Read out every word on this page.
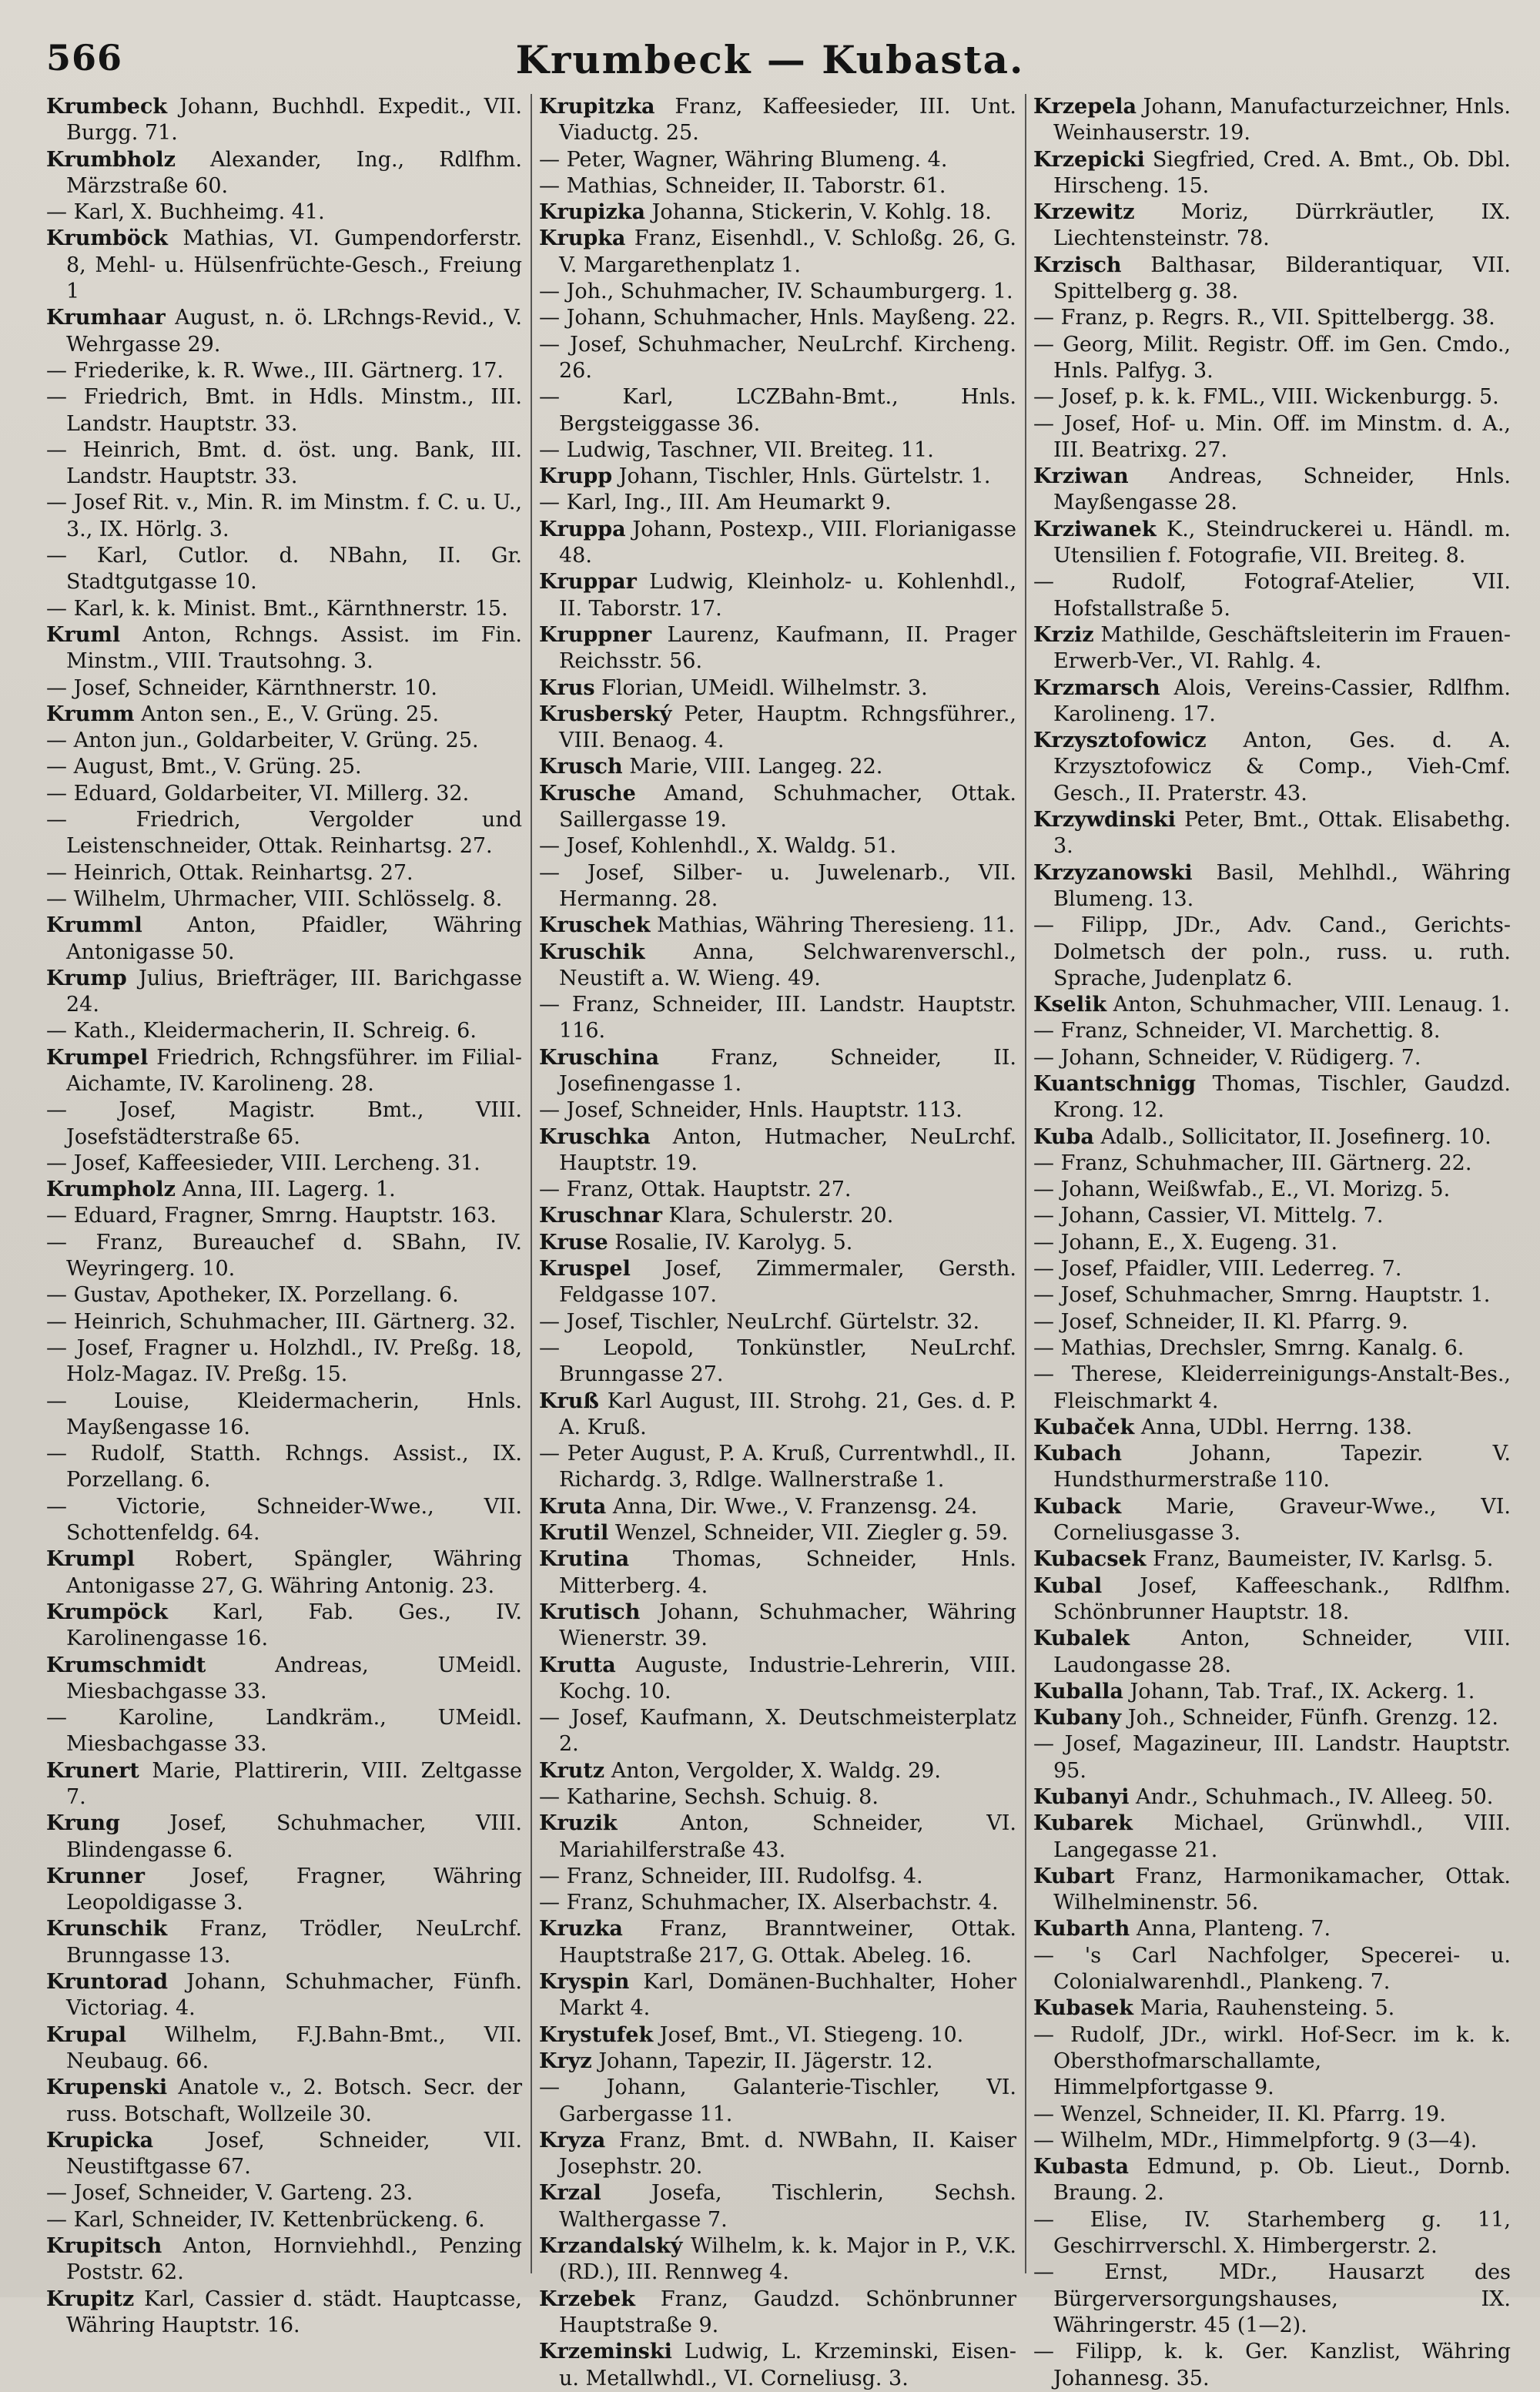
566	Krumbeck — Kubasta.

Krumbeck Johann, Buchhdl. Expedit., VII. Burgg. 71.

Krumbholz Alexander, Ing., Rdlfhm. Märzstraße 60.

— Karl, X. Buchheimg. 41.

Krumböck Mathias, VI. Gumpendorferstr. 8, Mehl- u. Hülsenfrüchte-Gesch., Freiung 1

Krumhaar August, n. ö. LRchngs-Revid., V. Wehrgasse 29.

— Friederike, k. R. Wwe., III. Gärtnerg. 17.

— Friedrich, Bmt. in Hdls. Minstm., III. Landstr. Hauptstr. 33.

— Heinrich, Bmt. d. öst. ung. Bank, III. Landstr. Hauptstr. 33.

— Josef Rit. v., Min. R. im Minstm. f. C. u. U., 3., IX. Hörlg. 3.

— Karl, Cutlor. d. NBahn, II. Gr. Stadtgutgasse 10.

— Karl, k. k. Minist. Bmt., Kärnthnerstr. 15.

Kruml Anton, Rchngs. Assist. im Fin. Minstm., VIII. Trautsohng. 3.

— Josef, Schneider, Kärnthnerstr. 10.

Krumm Anton sen., E., V. Grüng. 25.

— Anton jun., Goldarbeiter, V. Grüng. 25.

— August, Bmt., V. Grüng. 25.

— Eduard, Goldarbeiter, VI. Millerg. 32.

— Friedrich, Vergolder und Leistenschneider, Ottak. Reinhartsg. 27.

— Heinrich, Ottak. Reinhartsg. 27.

— Wilhelm, Uhrmacher, VIII. Schlösselg. 8.

Krumml Anton, Pfaidler, Währing Antonigasse 50.

Krump Julius, Briefträger, III. Barichgasse 24.

— Kath., Kleidermacherin, II. Schreig. 6.

Krumpel Friedrich, Rchngsführer. im Filial-Aichamte, IV. Karolineng. 28.

— Josef, Magistr. Bmt., VIII. Josefstädterstraße 65.

— Josef, Kaffeesieder, VIII. Lercheng. 31.

Krumpholz Anna, III. Lagerg. 1.

— Eduard, Fragner, Smrng. Hauptstr. 163.

— Franz, Bureauchef d. SBahn, IV. Weyringerg. 10.

— Gustav, Apotheker, IX. Porzellang. 6.

— Heinrich, Schuhmacher, III. Gärtnerg. 32.

— Josef, Fragner u. Holzhdl., IV. Preßg. 18, Holz-Magaz. IV. Preßg. 15.

— Louise, Kleidermacherin, Hnls. Mayßengasse 16.

— Rudolf, Statth. Rchngs. Assist., IX. Porzellang. 6.

— Victorie, Schneider-Wwe., VII. Schottenfeldg. 64.

Krumpl Robert, Spängler, Währing Antonigasse 27, G. Währing Antonig. 23.

Krumpöck Karl, Fab. Ges., IV. Karolinengasse 16.

Krumschmidt	Andreas, UMeidl. Miesbachgasse 33.

— Karoline, Landkräm., UMeidl. Miesbachgasse 33.

Krunert Marie, Plattirerin, VIII. Zeltgasse 7.

Krung Josef, Schuhmacher, VIII. Blindengasse 6.

Krunner Josef, Fragner, Währing Leopoldigasse 3.

Krunschik Franz, Trödler, NeuLrchf. Brunngasse 13.

Kruntorad Johann, Schuhmacher, Fünfh. Victoriag. 4.

Krupal Wilhelm, F.J.Bahn-Bmt., VII. Neubaug. 66.

Krupenski Anatole v., 2. Botsch. Secr. der russ. Botschaft, Wollzeile 30.

Krupicka	Josef, Schneider, VII. Neustiftgasse 67.

— Josef, Schneider, V. Garteng. 23.

— Karl, Schneider, IV. Kettenbrückeng. 6.

Krupitsch Anton, Hornviehhdl., Penzing Poststr. 62.

Krupitz Karl, Cassier d. städt. Hauptcasse, Währing Hauptstr. 16.

Krupitzka Franz, Kaffeesieder, III. Unt. Viaductg. 25.

— Peter, Wagner, Währing Blumeng. 4.

— Mathias, Schneider, II. Taborstr. 61.

Krupizka Johanna, Stickerin, V. Kohlg. 18.

Krupka Franz, Eisenhdl., V. Schloßg. 26, G. V. Margarethenplatz 1.

— Joh., Schuhmacher, IV. Schaumburgerg. 1.

— Johann, Schuhmacher, Hnls. Mayßeng. 22.

— Josef, Schuhmacher, NeuLrchf. Kircheng. 26.

— Karl, LCZBahn-Bmt., Hnls. Bergsteiggasse 36.

— Ludwig, Taschner, VII. Breiteg. 11.

Krupp Johann, Tischler, Hnls. Gürtelstr. 1.

— Karl, Ing., III. Am Heumarkt 9.

Kruppa Johann, Postexp., VIII. Florianigasse 48.

Kruppar Ludwig, Kleinholz- u. Kohlenhdl., II. Taborstr. 17.

Kruppner Laurenz, Kaufmann, II. Prager Reichsstr. 56.

Krus Florian, UMeidl. Wilhelmstr. 3.

Krusberský Peter, Hauptm. Rchngsführer., VIII. Benaog. 4.

Krusch Marie, VIII. Langeg. 22.

Krusche Amand, Schuhmacher, Ottak. Saillergasse 19.

— Josef, Kohlenhdl., X. Waldg. 51.

— Josef, Silber- u. Juwelenarb., VII. Hermanng. 28.

Kruschek Mathias, Währing Theresieng. 11.

Kruschik Anna, Selchwarenverschl., Neustift a. W. Wieng. 49.

— Franz, Schneider, III. Landstr. Hauptstr. 116.

Kruschina Franz, Schneider, II. Josefinengasse 1.

— Josef, Schneider, Hnls. Hauptstr. 113.

Kruschka Anton, Hutmacher, NeuLrchf. Hauptstr. 19.

— Franz, Ottak. Hauptstr. 27.

Kruschnar Klara, Schulerstr. 20.

Kruse Rosalie, IV. Karolyg. 5.

Kruspel Josef, Zimmermaler, Gersth. Feldgasse 107.

— Josef, Tischler, NeuLrchf. Gürtelstr. 32.

— Leopold, Tonkünstler, NeuLrchf. Brunngasse 27.

Kruß Karl August, III. Strohg. 21, Ges. d. P. A. Kruß.

— Peter August, P. A. Kruß, Currentwhdl., II. Richardg. 3, Rdlge. Wallnerstraße 1.

Kruta Anna, Dir. Wwe., V. Franzensg. 24.

Krutil Wenzel, Schneider, VII. Ziegler g. 59.

Krutina Thomas, Schneider, Hnls. Mitterberg. 4.

Krutisch Johann, Schuhmacher, Währing Wienerstr. 39.

Krutta Auguste, Industrie-Lehrerin, VIII. Kochg. 10.

— Josef, Kaufmann, X. Deutschmeisterplatz 2.

Krutz Anton, Vergolder, X. Waldg. 29.

— Katharine, Sechsh. Schuig. 8.

Kruzik	Anton, Schneider, VI. Mariahilferstraße 43.

— Franz, Schneider, III. Rudolfsg. 4.

— Franz, Schuhmacher, IX. Alserbachstr. 4.

Kruzka Franz, Branntweiner, Ottak. Hauptstraße 217, G. Ottak. Abeleg. 16.

Kryspin Karl, Domänen-Buchhalter, Hoher Markt 4.

Krystufek Josef, Bmt., VI. Stiegeng. 10.

Kryz Johann, Tapezir, II. Jägerstr. 12.

— Johann, Galanterie-Tischler, VI. Garbergasse 11.

Kryza Franz, Bmt. d. NWBahn, II. Kaiser Josephstr. 20.

Krzal Josefa, Tischlerin, Sechsh. Walthergasse 7.

Krzandalský Wilhelm, k. k. Major in P., V.K. (RD.), III. Rennweg 4.

Krzebek Franz, Gaudzd. Schönbrunner Hauptstraße 9.

Krzeminski Ludwig, L. Krzeminski, Eisen- u. Metallwhdl., VI. Corneliusg. 3.

Krzepela Johann, Manufacturzeichner, Hnls. Weinhauserstr. 19.

Krzepicki Siegfried, Cred. A. Bmt., Ob. Dbl. Hirscheng. 15.

Krzewitz Moriz, Dürrkräutler, IX. Liechtensteinstr. 78.

Krzisch Balthasar, Bilderantiquar, VII. Spittelberg g. 38.

— Franz, p. Regrs. R., VII. Spittelbergg. 38.

— Georg, Milit. Registr. Off. im Gen. Cmdo., Hnls. Palfyg. 3.

— Josef, p. k. k. FML., VIII. Wickenburgg. 5.

— Josef, Hof- u. Min. Off. im Minstm. d. A., III. Beatrixg. 27.

Krziwan Andreas, Schneider, Hnls. Mayßengasse 28.

Krziwanek K., Steindruckerei u. Händl. m. Utensilien f. Fotografie, VII. Breiteg. 8.

— Rudolf, Fotograf-Atelier, VII. Hofstallstraße 5.

Krziz Mathilde, Geschäftsleiterin im Frauen-Erwerb-Ver., VI. Rahlg. 4.

Krzmarsch Alois, Vereins-Cassier, Rdlfhm. Karolineng. 17.

Krzysztofowicz Anton, Ges. d. A. Krzysztofowicz & Comp., Vieh-Cmf. Gesch., II. Praterstr. 43.

Krzywdinski Peter, Bmt., Ottak. Elisabethg. 3.

Krzyzanowski Basil, Mehlhdl., Währing Blumeng. 13.

— Filipp, JDr., Adv. Cand., Gerichts-Dolmetsch der poln., russ. u. ruth. Sprache, Judenplatz 6.

Kselik Anton, Schuhmacher, VIII. Lenaug. 1.

— Franz, Schneider, VI. Marchettig. 8.

— Johann, Schneider, V. Rüdigerg. 7.

Kuantschnigg Thomas, Tischler, Gaudzd. Krong. 12.

Kuba Adalb., Sollicitator, II. Josefinerg. 10.

— Franz, Schuhmacher, III. Gärtnerg. 22.

— Johann, Weißwfab., E., VI. Morizg. 5.

— Johann, Cassier, VI. Mittelg. 7.

— Johann, E., X. Eugeng. 31.

— Josef, Pfaidler, VIII. Lederreg. 7.

— Josef, Schuhmacher, Smrng. Hauptstr. 1.

— Josef, Schneider, II. Kl. Pfarrg. 9.

— Mathias, Drechsler, Smrng. Kanalg. 6.

— Therese, Kleiderreinigungs-Anstalt-Bes., Fleischmarkt 4.

Kubaček Anna, UDbl. Herrng. 138.

Kubach	Johann, Tapezir. V. Hundsthurmerstraße 110.

Kuback Marie, Graveur-Wwe., VI. Corneliusgasse 3.

Kubacsek Franz, Baumeister, IV. Karlsg. 5.

Kubal Josef, Kaffeeschank., Rdlfhm. Schönbrunner Hauptstr. 18.

Kubalek Anton, Schneider, VIII. Laudongasse 28.

Kuballa Johann, Tab. Traf., IX. Ackerg. 1.

Kubany Joh., Schneider, Fünfh. Grenzg. 12.

— Josef, Magazineur, III. Landstr. Hauptstr. 95.

Kubanyi Andr., Schuhmach., IV. Alleeg. 50.

Kubarek Michael, Grünwhdl., VIII. Langegasse 21.

Kubart Franz, Harmonikamacher, Ottak. Wilhelminenstr. 56.

Kubarth Anna, Planteng. 7.

— 's Carl Nachfolger, Specerei- u. Colonialwarenhdl., Plankeng. 7.

Kubasek Maria, Rauhensteing. 5.

— Rudolf, JDr., wirkl. Hof-Secr. im k. k. Obersthofmarschallamte, Himmelpfortgasse 9.

— Wenzel, Schneider, II. Kl. Pfarrg. 19.

— Wilhelm, MDr., Himmelpfortg. 9 (3—4).

Kubasta Edmund, p. Ob. Lieut., Dornb. Braung. 2.

— Elise, IV. Starhemberg g. 11, Geschirrverschl. X. Himbergerstr. 2.

— Ernst, MDr., Hausarzt des Bürgerversorgungshauses, IX. Währingerstr. 45 (1—2).

— Filipp, k. k. Ger. Kanzlist, Währing Johannesg. 35.
